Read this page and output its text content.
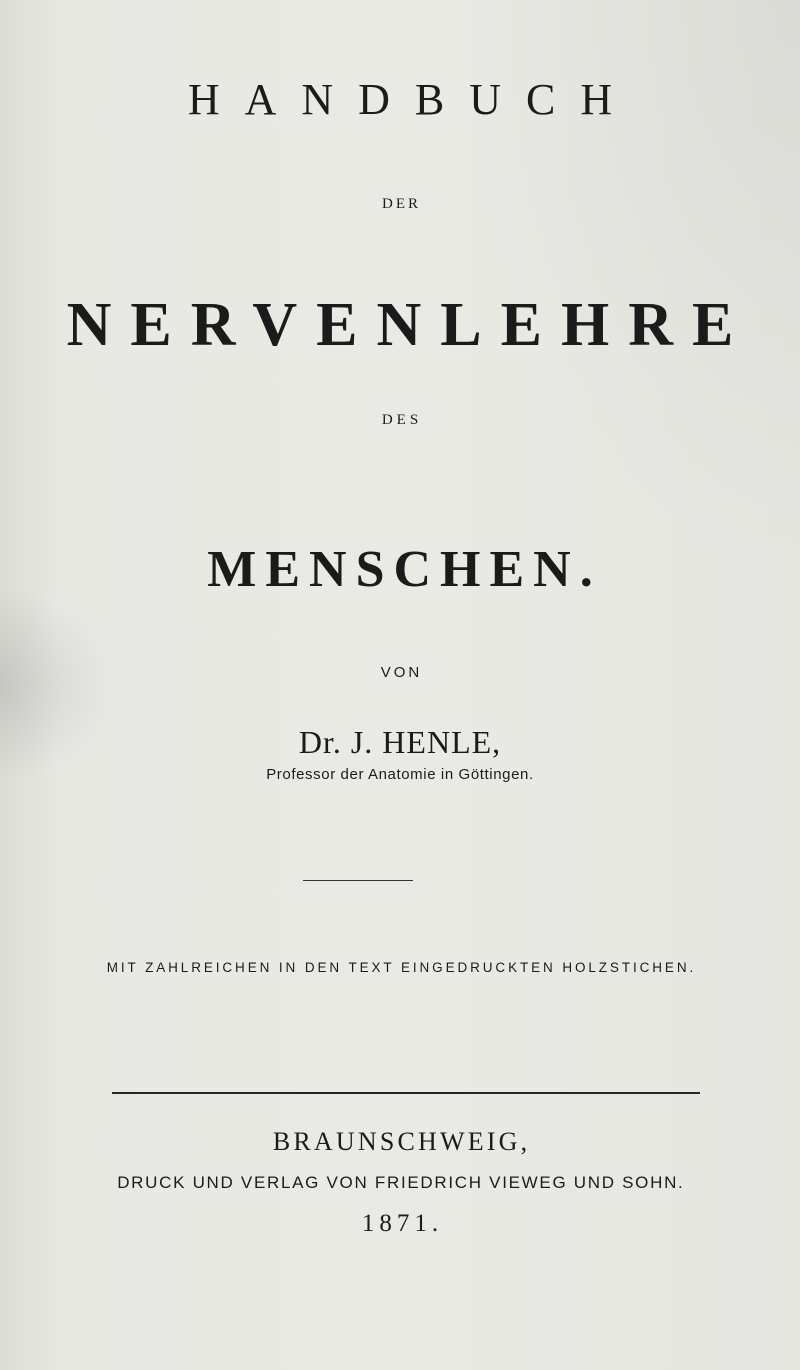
HANDBUCH
DER
NERVENLEHRE
DES
MENSCHEN.
VON
Dr. J. HENLE,
Professor der Anatomie in Göttingen.
MIT ZAHLREICHEN IN DEN TEXT EINGEDRUCKTEN HOLZSTICHEN.
BRAUNSCHWEIG,
DRUCK UND VERLAG VON FRIEDRICH VIEWEG UND SOHN.
1871.
